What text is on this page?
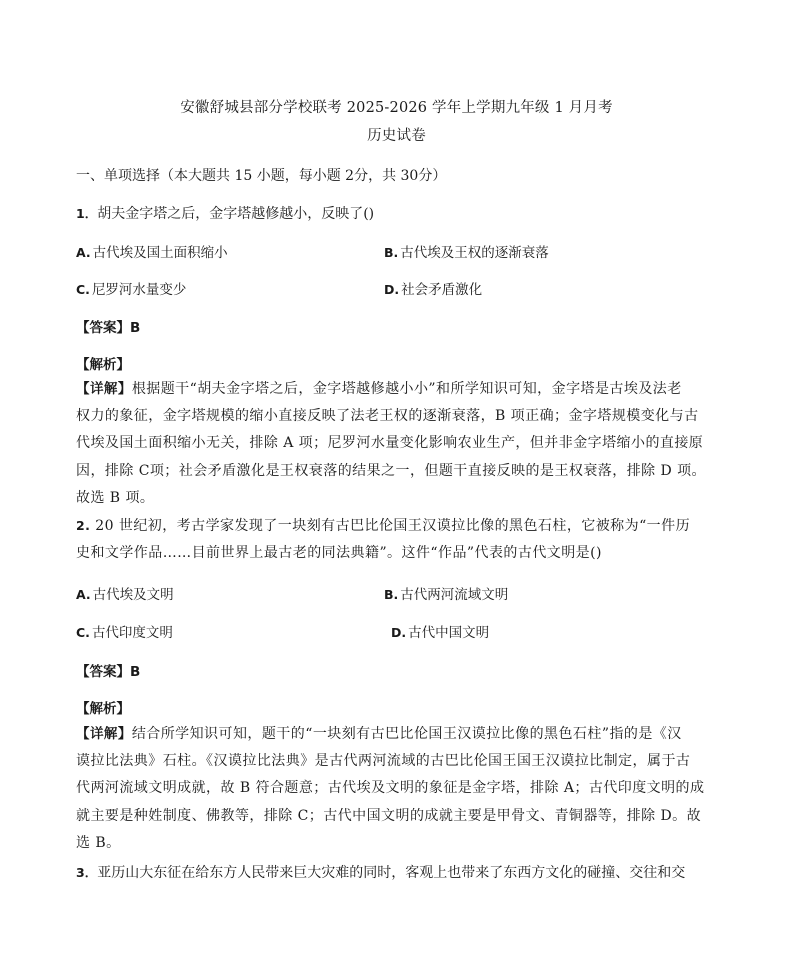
安徽舒城县部分学校联考 2025-2026 学年上学期九年级 1 月月考
历史试卷
一、单项选择（本大题共 15 小题，每小题 2分，共 30分）
1．胡夫金字塔之后，金字塔越修越小，反映了()
A. 古代埃及国土面积缩小	B. 古代埃及王权的逐渐衰落
C. 尼罗河水量变少	D. 社会矛盾激化
【答案】B
【解析】
【详解】根据题干“胡夫金字塔之后，金字塔越修越小小”和所学知识可知，金字塔是古埃及法老
权力的象征，金字塔规模的缩小直接反映了法老王权的逐渐衰落，B 项正确；金字塔规模变化与古
代埃及国土面积缩小无关，排除 A 项；尼罗河水量变化影响农业生产，但并非金字塔缩小的直接原
因，排除 C项；社会矛盾激化是王权衰落的结果之一，但题干直接反映的是王权衰落，排除 D 项。
故选 B 项。
2. 20 世纪初，考古学家发现了一块刻有古巴比伦国王汉谟拉比像的黑色石柱，它被称为“一件历
史和文学作品……目前世界上最古老的同法典籍”。这件“作品”代表的古代文明是()
A. 古代埃及文明	B. 古代两河流域文明
C. 古代印度文明	D. 古代中国文明
【答案】B
【解析】
【详解】结合所学知识可知，题干的“一块刻有古巴比伦国王汉谟拉比像的黑色石柱”指的是《汉
谟拉比法典》石柱。《汉谟拉比法典》是古代两河流域的古巴比伦国王国王汉谟拉比制定，属于古
代两河流域文明成就，故 B 符合题意；古代埃及文明的象征是金字塔，排除 A；古代印度文明的成
就主要是种姓制度、佛教等，排除 C；古代中国文明的成就主要是甲骨文、青铜器等，排除 D。故
选 B。
3．亚历山大东征在给东方人民带来巨大灾难的同时，客观上也带来了东西方文化的碰撞、交往和交
